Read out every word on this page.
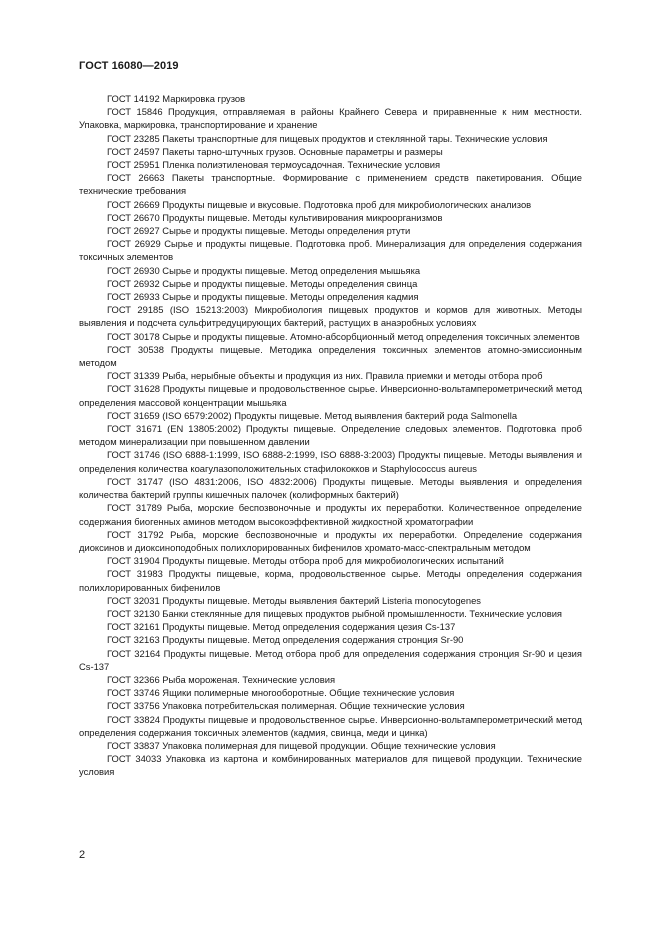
ГОСТ 16080—2019

ГОСТ 14192 Маркировка грузов

ГОСТ 15846 Продукция, отправляемая в районы Крайнего Севера и приравненные к ним местности. Упаковка, маркировка, транспортирование и хранение

ГОСТ 23285 Пакеты транспортные для пищевых продуктов и стеклянной тары. Технические условия

ГОСТ 24597 Пакеты тарно-штучных грузов. Основные параметры и размеры

ГОСТ 25951 Пленка полиэтиленовая термоусадочная. Технические условия

ГОСТ 26663 Пакеты транспортные. Формирование с применением средств пакетирования. Общие технические требования

ГОСТ 26669 Продукты пищевые и вкусовые. Подготовка проб для микробиологических анализов

ГОСТ 26670 Продукты пищевые. Методы культивирования микроорганизмов

ГОСТ 26927 Сырье и продукты пищевые. Методы определения ртути

ГОСТ 26929 Сырье и продукты пищевые. Подготовка проб. Минерализация для определения содержания токсичных элементов

ГОСТ 26930 Сырье и продукты пищевые. Метод определения мышьяка

ГОСТ 26932 Сырье и продукты пищевые. Методы определения свинца

ГОСТ 26933 Сырье и продукты пищевые. Методы определения кадмия

ГОСТ 29185 (ISO 15213:2003) Микробиология пищевых продуктов и кормов для животных. Методы выявления и подсчета сульфитредуцирующих бактерий, растущих в анаэробных условиях

ГОСТ 30178 Сырье и продукты пищевые. Атомно-абсорбционный метод определения токсичных элементов

ГОСТ 30538 Продукты пищевые. Методика определения токсичных элементов атомно-эмиссионным методом

ГОСТ 31339 Рыба, нерыбные объекты и продукция из них. Правила приемки и методы отбора проб

ГОСТ 31628 Продукты пищевые и продовольственное сырье. Инверсионно-вольтамперометрический метод определения массовой концентрации мышьяка

ГОСТ 31659 (ISO 6579:2002) Продукты пищевые. Метод выявления бактерий рода Salmonella

ГОСТ 31671 (EN 13805:2002) Продукты пищевые. Определение следовых элементов. Подготовка проб методом минерализации при повышенном давлении

ГОСТ 31746 (ISO 6888-1:1999, ISO 6888-2:1999, ISO 6888-3:2003) Продукты пищевые. Методы выявления и определения количества коагулазоположительных стафилококков и Staphylococcus aureus

ГОСТ 31747 (ISO 4831:2006, ISO 4832:2006) Продукты пищевые. Методы выявления и определения количества бактерий группы кишечных палочек (колиформных бактерий)

ГОСТ 31789 Рыба, морские беспозвоночные и продукты их переработки. Количественное определение содержания биогенных аминов методом высокоэффективной жидкостной хроматографии

ГОСТ 31792 Рыба, морские беспозвоночные и продукты их переработки. Определение содержания диоксинов и диоксиноподобных полихлорированных бифенилов хромато-масс-спектральным методом

ГОСТ 31904 Продукты пищевые. Методы отбора проб для микробиологических испытаний

ГОСТ 31983 Продукты пищевые, корма, продовольственное сырье. Методы определения содержания полихлорированных бифенилов

ГОСТ 32031 Продукты пищевые. Методы выявления бактерий Listeria monocytogenes

ГОСТ 32130 Банки стеклянные для пищевых продуктов рыбной промышленности. Технические условия

ГОСТ 32161 Продукты пищевые. Метод определения содержания цезия Cs-137

ГОСТ 32163 Продукты пищевые. Метод определения содержания стронция Sr-90

ГОСТ 32164 Продукты пищевые. Метод отбора проб для определения содержания стронция Sr-90 и цезия Cs-137

ГОСТ 32366 Рыба мороженая. Технические условия

ГОСТ 33746 Ящики полимерные многооборотные. Общие технические условия

ГОСТ 33756 Упаковка потребительская полимерная. Общие технические условия

ГОСТ 33824 Продукты пищевые и продовольственное сырье. Инверсионно-вольтамперометрический метод определения содержания токсичных элементов (кадмия, свинца, меди и цинка)

ГОСТ 33837 Упаковка полимерная для пищевой продукции. Общие технические условия

ГОСТ 34033 Упаковка из картона и комбинированных материалов для пищевой продукции. Технические условия

2
